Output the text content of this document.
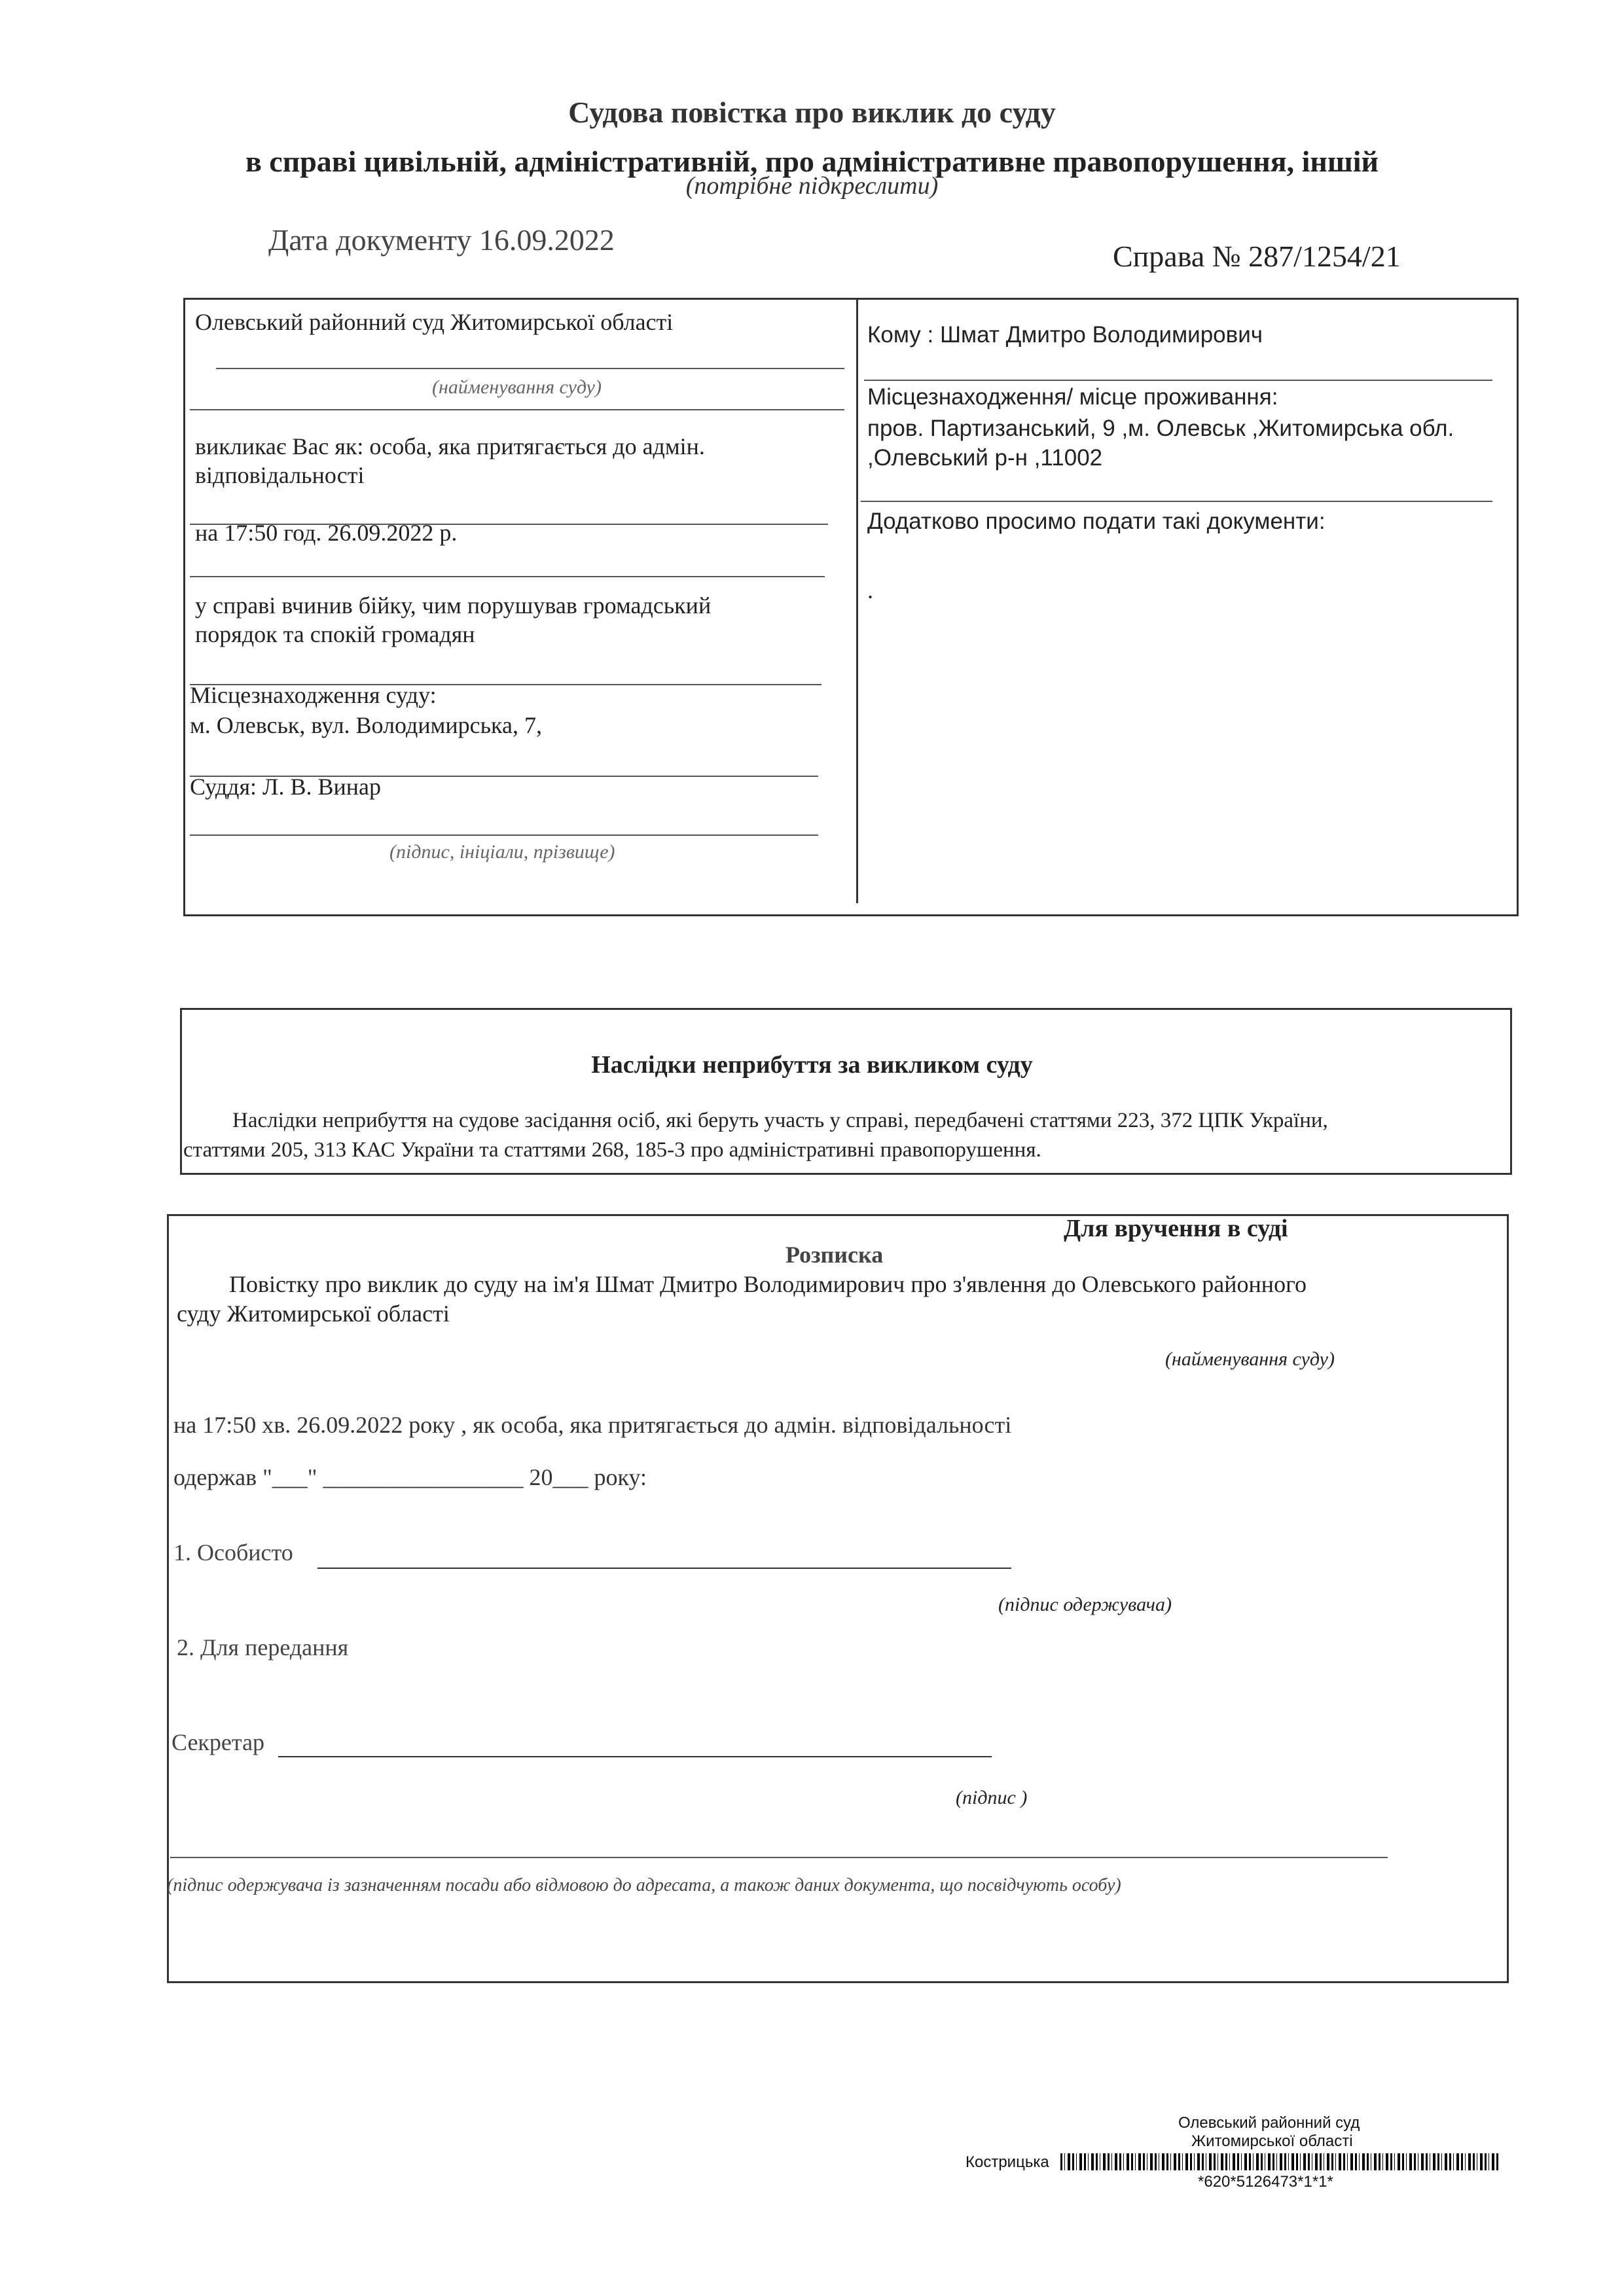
Судова повістка про виклик до суду
в справі цивільній, адміністративній, про адміністративне правопорушення, іншій
(потрібне підкреслити)
Дата документу 16.09.2022	Справа № 287/1254/21
Олевський районний суд Житомирської області
(найменування суду)
викликає Вас як: особа, яка притягається до адмін.
відповідальності
на 17:50 год. 26.09.2022 р.
у справі вчинив бійку, чим порушував громадський
порядок та спокій громадян
Місцезнаходження суду:
м. Олевськ, вул. Володимирська, 7,
Суддя: Л. В. Винар
(підпис, ініціали, прізвище)
Кому : Шмат Дмитро Володимирович
Місцезнаходження/ місце проживання:
пров. Партизанський, 9 ,м. Олевськ ,Житомирська обл.
,Олевський р-н ,11002
Додатково просимо подати такі документи:
.
Наслідки неприбуття за викликом суду
Наслідки неприбуття на судове засідання осіб, які беруть участь у справі, передбачені статтями 223, 372 ЦПК України,
статтями 205, 313 КАС України та статтями 268, 185-3 про адміністративні правопорушення.
Для вручення в суді
Розписка
Повістку про виклик до суду на ім'я Шмат Дмитро Володимирович про з'явлення до Олевського районного
суду Житомирської області
(найменування суду)
на 17:50 хв. 26.09.2022 року , як особа, яка притягається до адмін. відповідальності
одержав "___" _________________ 20___ року:
1. Особисто
(підпис одержувача)
2. Для передання
Секретар
(підпис )
(підпис одержувача із зазначенням посади або відмовою до адресата, а також даних документа, що посвідчують особу)
Олевський районний суд
Житомирської області
Кострицька
*620*5126473*1*1*
